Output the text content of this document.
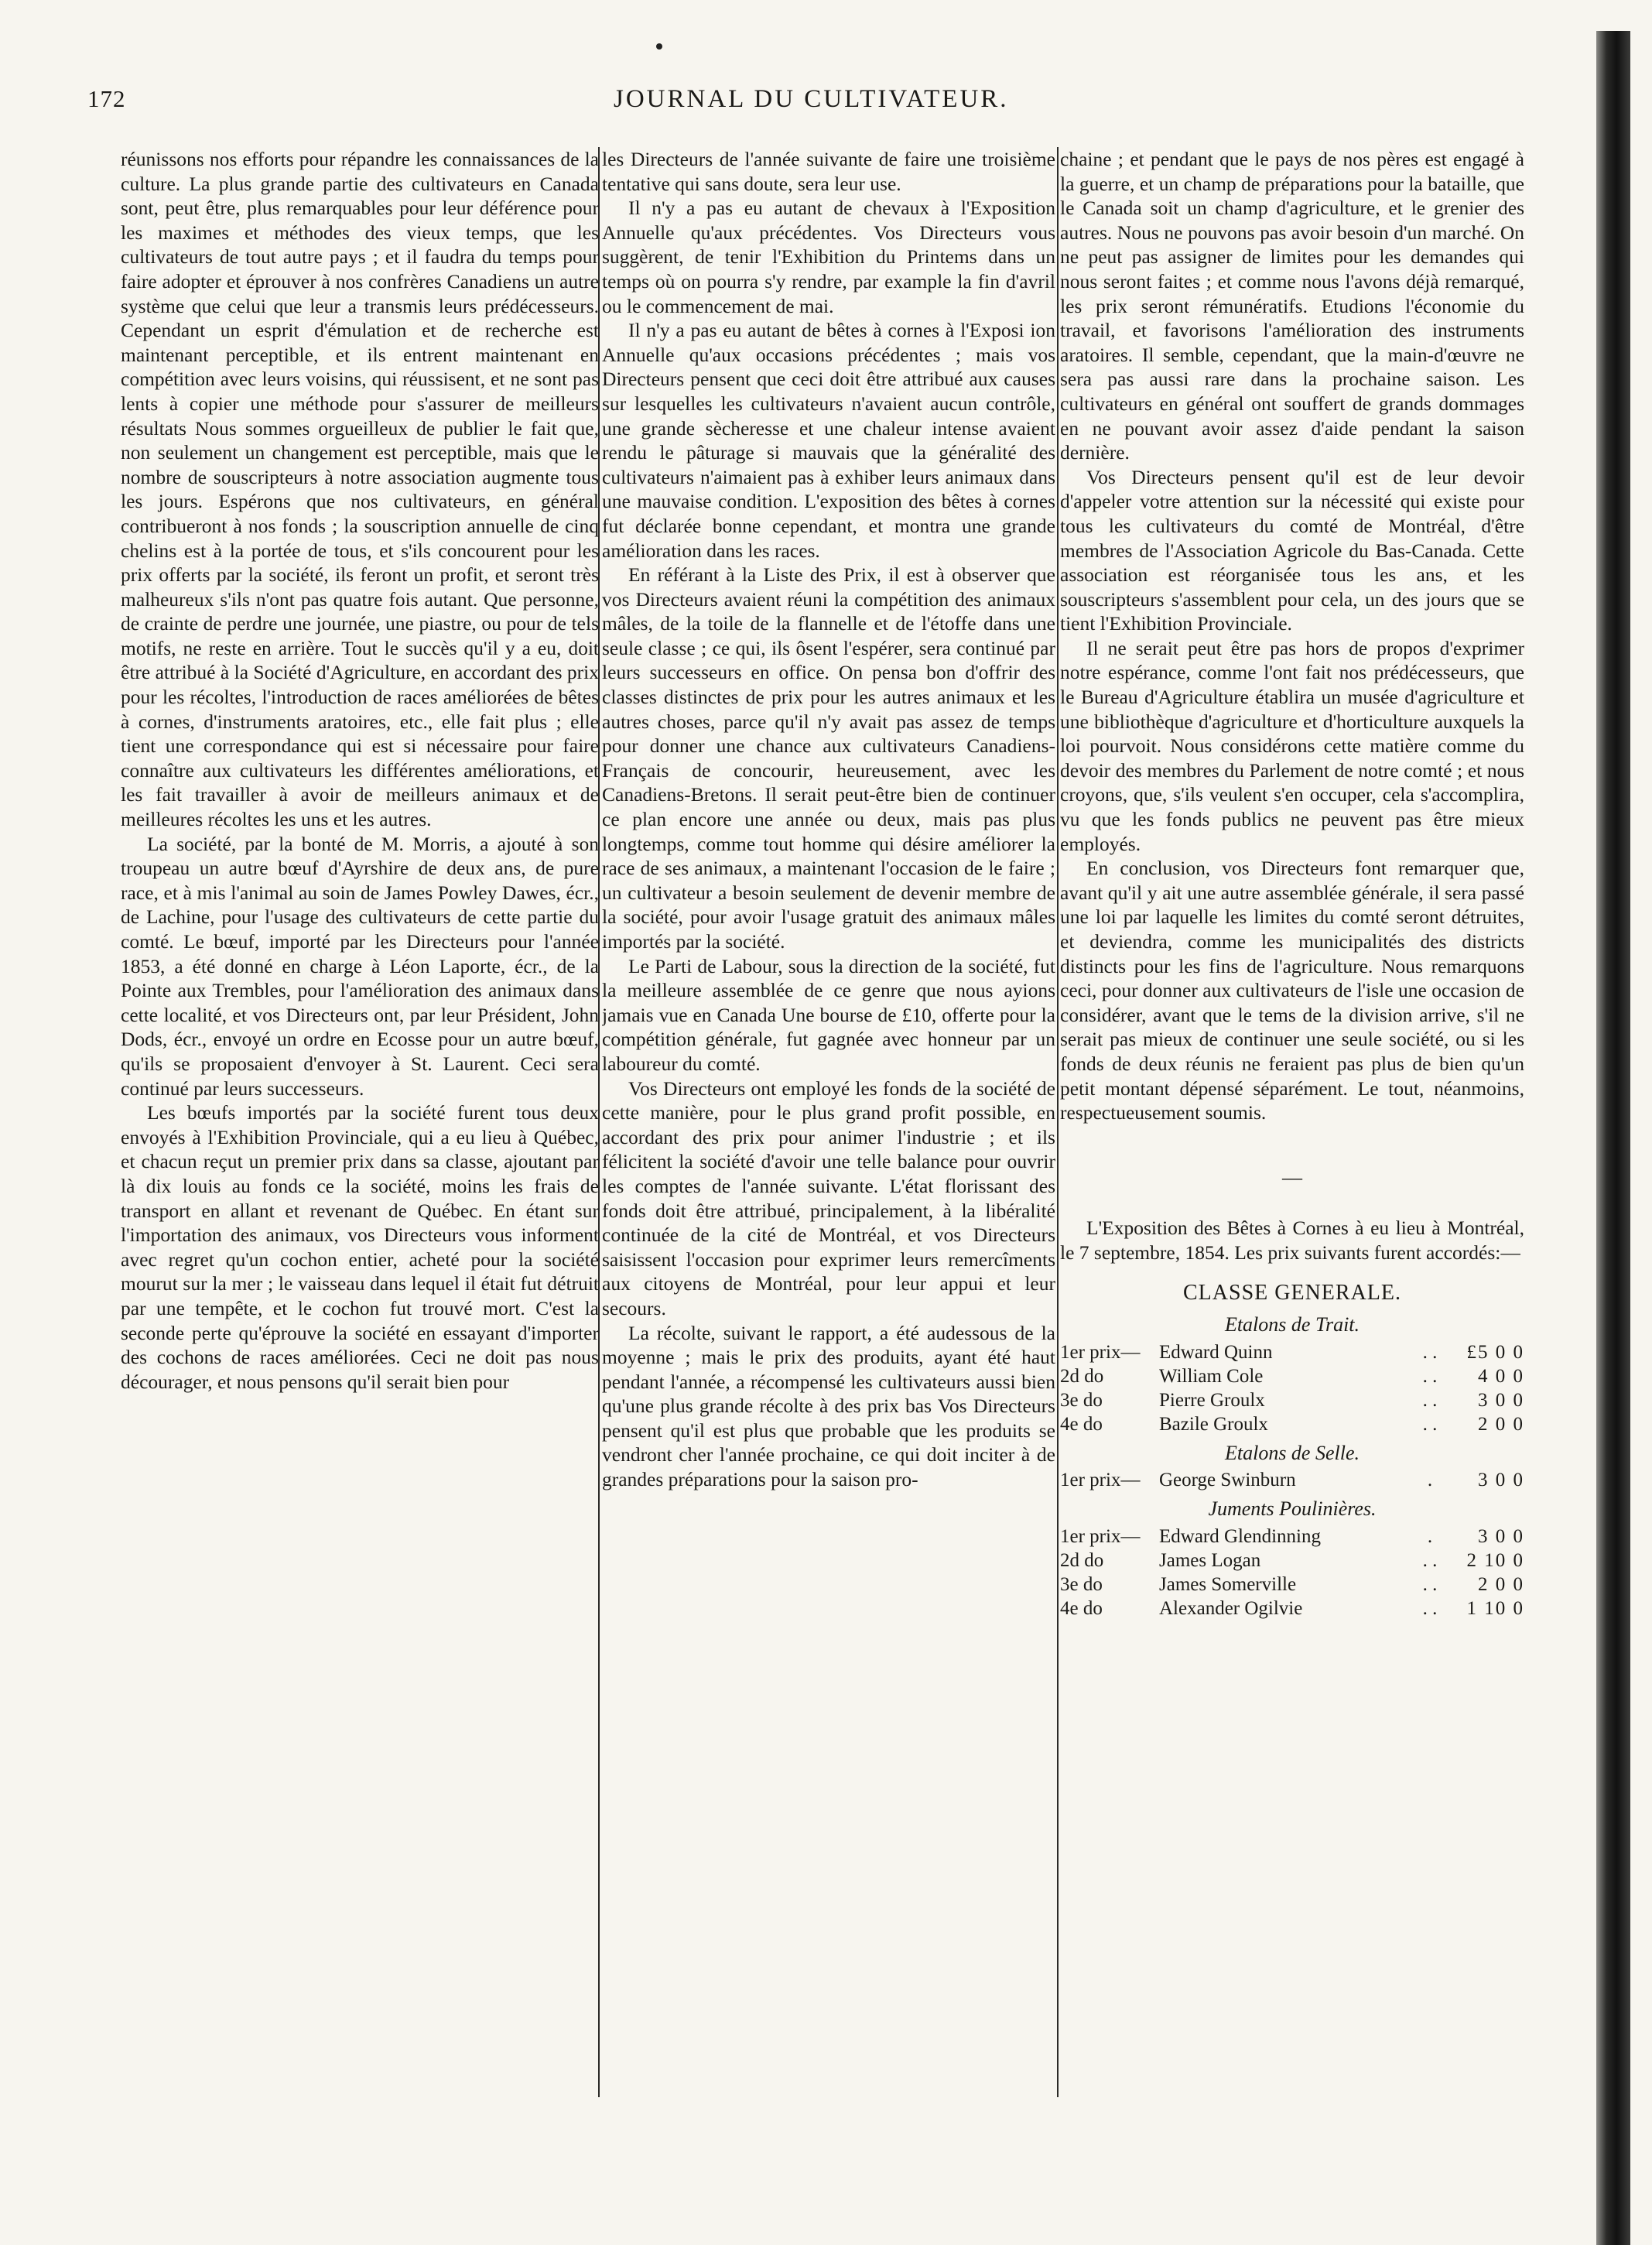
172	JOURNAL DU CULTIVATEUR.

réunissons nos efforts pour répandre les connaissances de la culture. La plus grande partie des cultivateurs en Canada sont, peut être, plus remarquables pour leur déférence pour les maximes et méthodes des vieux temps, que les cultivateurs de tout autre pays ; et il faudra du temps pour faire adopter et éprouver à nos confrères Canadiens un autre système que celui que leur a transmis leurs prédécesseurs. Cependant un esprit d'émulation et de recherche est maintenant perceptible, et ils entrent maintenant en compétition avec leurs voisins, qui réussisent, et ne sont pas lents à copier une méthode pour s'assurer de meilleurs résultats Nous sommes orgueilleux de publier le fait que, non seulement un changement est perceptible, mais que le nombre de souscripteurs à notre association augmente tous les jours. Espérons que nos cultivateurs, en général contribueront à nos fonds ; la souscription annuelle de cinq chelins est à la portée de tous, et s'ils concourent pour les prix offerts par la société, ils feront un profit, et seront très malheureux s'ils n'ont pas quatre fois autant. Que personne, de crainte de perdre une journée, une piastre, ou pour de tels motifs, ne reste en arrière. Tout le succès qu'il y a eu, doit être attribué à la Société d'Agriculture, en accordant des prix pour les récoltes, l'introduction de races améliorées de bêtes à cornes, d'instruments aratoires, etc., elle fait plus ; elle tient une correspondance qui est si nécessaire pour faire connaître aux cultivateurs les différentes améliorations, et les fait travailler à avoir de meilleurs animaux et de meilleures récoltes les uns et les autres.

La société, par la bonté de M. Morris, a ajouté à son troupeau un autre bœuf d'Ayrshire de deux ans, de pure race, et à mis l'animal au soin de James Powley Dawes, écr., de Lachine, pour l'usage des cultivateurs de cette partie du comté. Le bœuf, importé par les Directeurs pour l'année 1853, a été donné en charge à Léon Laporte, écr., de la Pointe aux Trembles, pour l'amélioration des animaux dans cette localité, et vos Directeurs ont, par leur Président, John Dods, écr., envoyé un ordre en Ecosse pour un autre bœuf, qu'ils se proposaient d'envoyer à St. Laurent. Ceci sera continué par leurs successeurs.

Les bœufs importés par la société furent tous deux envoyés à l'Exhibition Provinciale, qui a eu lieu à Québec, et chacun reçut un premier prix dans sa classe, ajoutant par là dix louis au fonds ce la société, moins les frais de transport en allant et revenant de Québec. En étant sur l'importation des animaux, vos Directeurs vous informent avec regret qu'un cochon entier, acheté pour la société mourut sur la mer ; le vaisseau dans lequel il était fut détruit par une tempête, et le cochon fut trouvé mort. C'est la seconde perte qu'éprouve la société en essayant d'importer des cochons de races améliorées. Ceci ne doit pas nous décourager, et nous pensons qu'il serait bien pour

les Directeurs de l'année suivante de faire une troisième tentative qui sans doute, sera leur use.

Il n'y a pas eu autant de chevaux à l'Exposition Annuelle qu'aux précédentes. Vos Directeurs vous suggèrent, de tenir l'Exhibition du Printems dans un temps où on pourra s'y rendre, par example la fin d'avril ou le commencement de mai.

Il n'y a pas eu autant de bêtes à cornes à l'Exposi ion Annuelle qu'aux occasions précédentes ; mais vos Directeurs pensent que ceci doit être attribué aux causes sur lesquelles les cultivateurs n'avaient aucun contrôle, une grande sècheresse et une chaleur intense avaient rendu le pâturage si mauvais que la généralité des cultivateurs n'aimaient pas à exhiber leurs animaux dans une mauvaise condition. L'exposition des bêtes à cornes fut déclarée bonne cependant, et montra une grande amélioration dans les races.

En référant à la Liste des Prix, il est à observer que vos Directeurs avaient réuni la compétition des animaux mâles, de la toile de la flannelle et de l'étoffe dans une seule classe ; ce qui, ils ôsent l'espérer, sera continué par leurs successeurs en office. On pensa bon d'offrir des classes distinctes de prix pour les autres animaux et les autres choses, parce qu'il n'y avait pas assez de temps pour donner une chance aux cultivateurs Canadiens-Français de concourir, heureusement, avec les Canadiens-Bretons. Il serait peut-être bien de continuer ce plan encore une année ou deux, mais pas plus longtemps, comme tout homme qui désire améliorer la race de ses animaux, a maintenant l'occasion de le faire ; un cultivateur a besoin seulement de devenir membre de la société, pour avoir l'usage gratuit des animaux mâles importés par la société.

Le Parti de Labour, sous la direction de la société, fut la meilleure assemblée de ce genre que nous ayions jamais vue en Canada Une bourse de £10, offerte pour la compétition générale, fut gagnée avec honneur par un laboureur du comté.

Vos Directeurs ont employé les fonds de la société de cette manière, pour le plus grand profit possible, en accordant des prix pour animer l'industrie ; et ils félicitent la société d'avoir une telle balance pour ouvrir les comptes de l'année suivante. L'état florissant des fonds doit être attribué, principalement, à la libéralité continuée de la cité de Montréal, et vos Directeurs saisissent l'occasion pour exprimer leurs remercîments aux citoyens de Montréal, pour leur appui et leur secours.

La récolte, suivant le rapport, a été audessous de la moyenne ; mais le prix des produits, ayant été haut pendant l'année, a récompensé les cultivateurs aussi bien qu'une plus grande récolte à des prix bas Vos Directeurs pensent qu'il est plus que probable que les produits se vendront cher l'année prochaine, ce qui doit inciter à de grandes préparations pour la saison pro-

chaine ; et pendant que le pays de nos pères est engagé à la guerre, et un champ de préparations pour la bataille, que le Canada soit un champ d'agriculture, et le grenier des autres. Nous ne pouvons pas avoir besoin d'un marché. On ne peut pas assigner de limites pour les demandes qui nous seront faites ; et comme nous l'avons déjà remarqué, les prix seront rémunératifs. Etudions l'économie du travail, et favorisons l'amélioration des instruments aratoires. Il semble, cependant, que la main-d'œuvre ne sera pas aussi rare dans la prochaine saison. Les cultivateurs en général ont souffert de grands dommages en ne pouvant avoir assez d'aide pendant la saison dernière.

Vos Directeurs pensent qu'il est de leur devoir d'appeler votre attention sur la nécessité qui existe pour tous les cultivateurs du comté de Montréal, d'être membres de l'Association Agricole du Bas-Canada. Cette association est réorganisée tous les ans, et les souscripteurs s'assemblent pour cela, un des jours que se tient l'Exhibition Provinciale.

Il ne serait peut être pas hors de propos d'exprimer notre espérance, comme l'ont fait nos prédécesseurs, que le Bureau d'Agriculture établira un musée d'agriculture et une bibliothèque d'agriculture et d'horticulture auxquels la loi pourvoit. Nous considérons cette matière comme du devoir des membres du Parlement de notre comté ; et nous croyons, que, s'ils veulent s'en occuper, cela s'accomplira, vu que les fonds publics ne peuvent pas être mieux employés.

En conclusion, vos Directeurs font remarquer que, avant qu'il y ait une autre assemblée générale, il sera passé une loi par laquelle les limites du comté seront détruites, et deviendra, comme les municipalités des districts distincts pour les fins de l'agriculture. Nous remarquons ceci, pour donner aux cultivateurs de l'isle une occasion de considérer, avant que le tems de la division arrive, s'il ne serait pas mieux de continuer une seule société, ou si les fonds de deux réunis ne feraient pas plus de bien qu'un petit montant dépensé séparément. Le tout, néanmoins, respectueusement soumis.

—

L'Exposition des Bêtes à Cornes à eu lieu à Montréal, le 7 septembre, 1854. Les prix suivants furent accordés:—

CLASSE GENERALE.
Etalons de Trait.
1er prix—	Edward Quinn	. .	£5 0 0
2d do	William Cole	. .	4 0 0
3e do	Pierre Groulx	. .	3 0 0
4e do	Bazile Groulx	. .	2 0 0
Etalons de Selle.
1er prix—	George Swinburn	.	3 0 0
Juments Poulinières.
1er prix—	Edward Glendinning	.	3 0 0
2d do	James Logan	. .	2 10 0
3e do	James Somerville	. .	2 0 0
4e do	Alexander Ogilvie	. .	1 10 0
